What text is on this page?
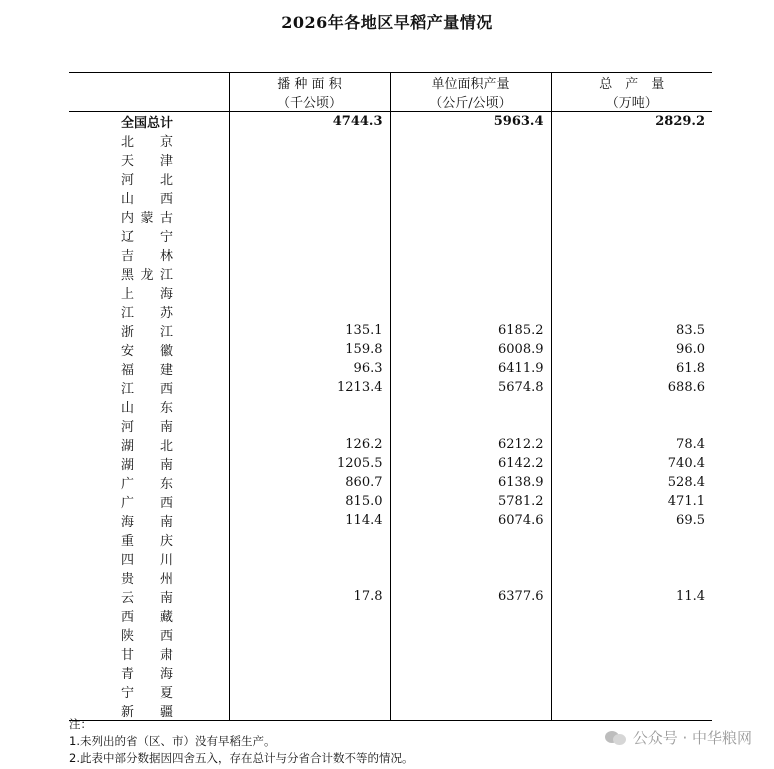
2026年各地区早稻产量情况
	播 种 面 积	单位面积产量	总　产　量
	（千公顷）	（公斤/公顷）	（万吨）
全国总计	4744.3	5963.4	2829.2
北京			
天津			
河北			
山西			
内蒙古			
辽宁			
吉林			
黑龙江			
上海			
江苏			
浙江	135.1	6185.2	83.5
安徽	159.8	6008.9	96.0
福建	96.3	6411.9	61.8
江西	1213.4	5674.8	688.6
山东			
河南			
湖北	126.2	6212.2	78.4
湖南	1205.5	6142.2	740.4
广东	860.7	6138.9	528.4
广西	815.0	5781.2	471.1
海南	114.4	6074.6	69.5
重庆			
四川			
贵州			
云南	17.8	6377.6	11.4
西藏			
陕西			
甘肃			
青海			
宁夏			
新疆			
注：
1.未列出的省（区、市）没有早稻生产。
2.此表中部分数据因四舍五入，存在总计与分省合计数不等的情况。
公众号 · 中华粮网
